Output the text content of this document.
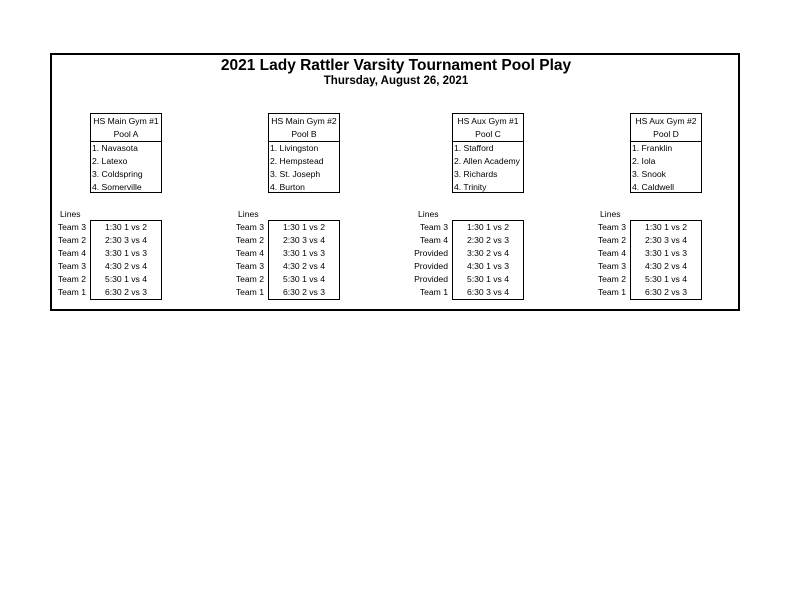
2021 Lady Rattler Varsity Tournament Pool Play
Thursday, August 26, 2021
HS Main Gym #1
Pool A
1. Navasota
2. Latexo
3. Coldspring
4. Somerville
Lines
Team 3	1:30 1 vs 2
Team 2	2:30 3 vs 4
Team 4	3:30 1 vs 3
Team 3	4:30 2 vs 4
Team 2	5:30 1 vs 4
Team 1	6:30 2 vs 3
HS Main Gym #2
Pool B
1. Livingston
2. Hempstead
3. St. Joseph
4. Burton
Lines
Team 3	1:30 1 vs 2
Team 2	2:30 3 vs 4
Team 4	3:30 1 vs 3
Team 3	4:30 2 vs 4
Team 2	5:30 1 vs 4
Team 1	6:30 2 vs 3
HS Aux Gym #1
Pool C
1. Stafford
2. Allen Academy
3. Richards
4. Trinity
Lines
Team 3	1:30 1 vs 2
Team 4	2:30 2 vs 3
Provided	3:30 2 vs 4
Provided	4:30 1 vs 3
Provided	5:30 1 vs 4
Team 1	6:30 3 vs 4
HS Aux Gym #2
Pool D
1. Franklin
2. Iola
3. Snook
4. Caldwell
Lines
Team 3	1:30 1 vs 2
Team 2	2:30 3 vs 4
Team 4	3:30 1 vs 3
Team 3	4:30 2 vs 4
Team 2	5:30 1 vs 4
Team 1	6:30 2 vs 3
